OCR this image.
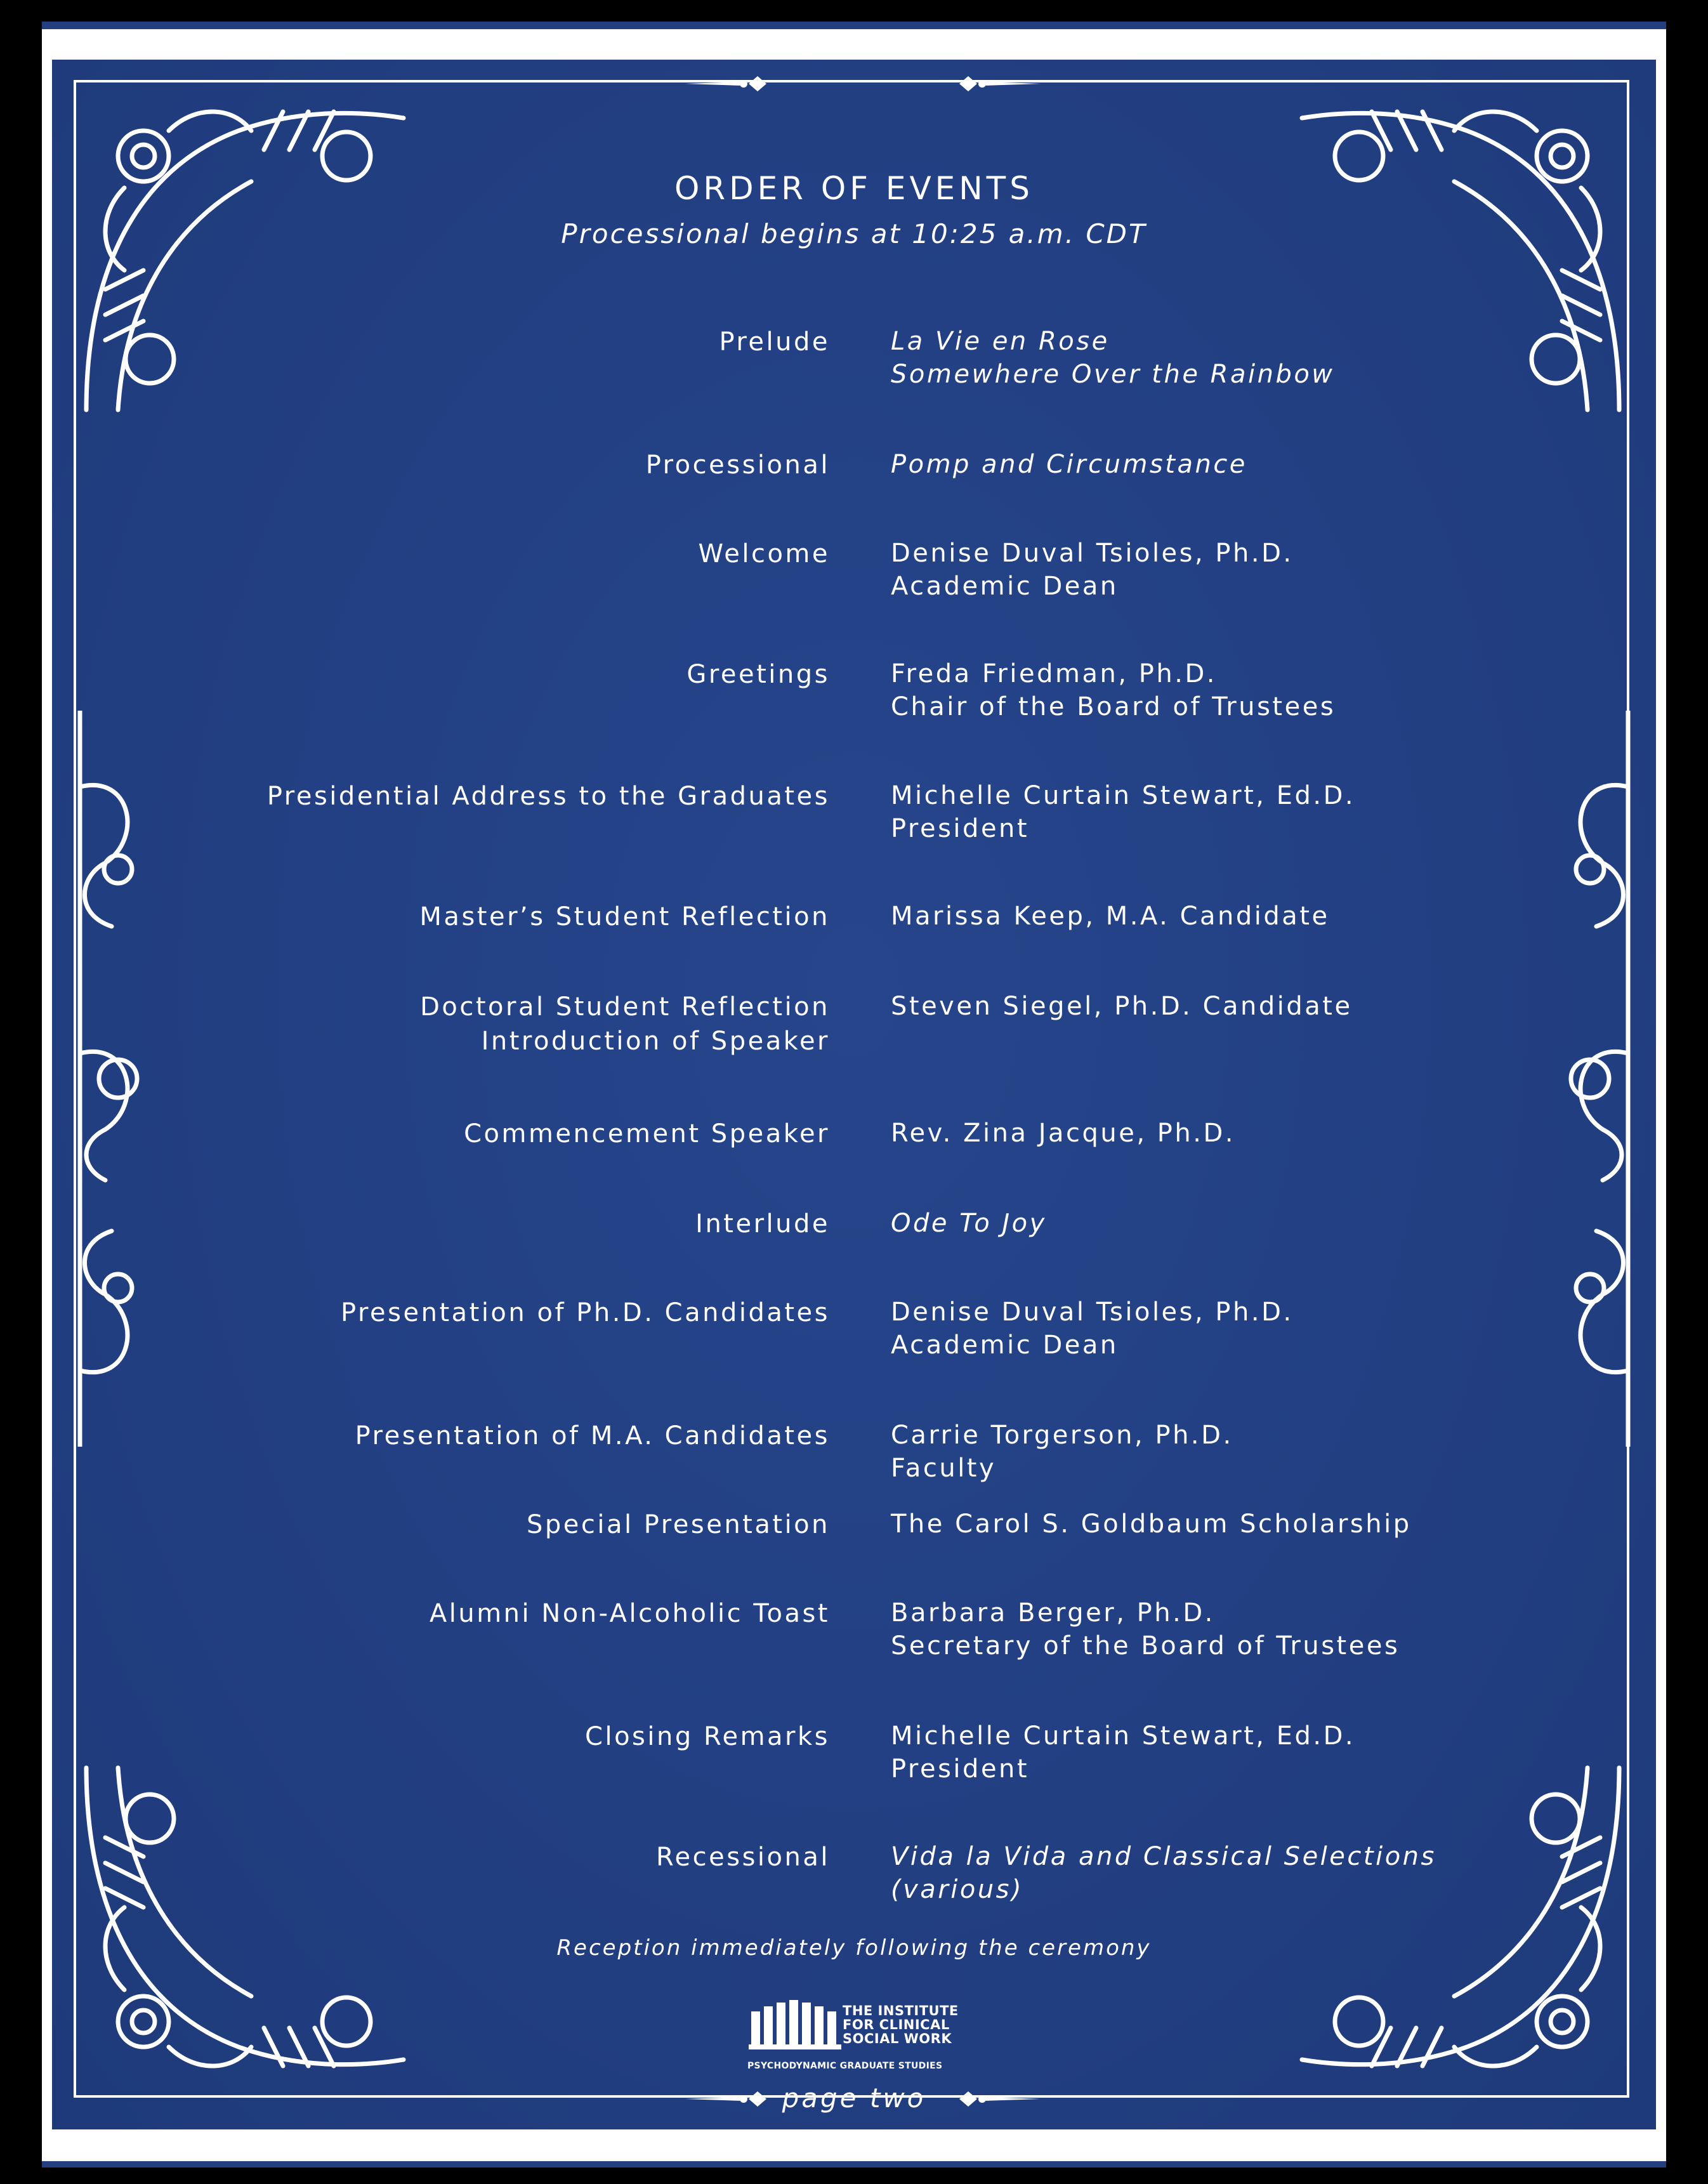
ORDER OF EVENTS
Processional begins at 10:25 a.m. CDT
Prelude La Vie en Rose
Somewhere Over the Rainbow
Processional Pomp and Circumstance
Welcome Denise Duval Tsioles, Ph.D.
Academic Dean
Greetings Freda Friedman, Ph.D.
Chair of the Board of Trustees
Presidential Address to the Graduates Michelle Curtain Stewart, Ed.D.
President
Master’s Student Reflection Marissa Keep, M.A. Candidate
Doctoral Student Reflection
Introduction of Speaker
Steven Siegel, Ph.D. Candidate
Commencement Speaker Rev. Zina Jacque, Ph.D.
Interlude Ode To Joy
Presentation of Ph.D. Candidates Denise Duval Tsioles, Ph.D.
Academic Dean
Presentation of M.A. Candidates Carrie Torgerson, Ph.D.
Faculty
Special Presentation The Carol S. Goldbaum Scholarship
Alumni Non-Alcoholic Toast Barbara Berger, Ph.D.
Secretary of the Board of Trustees
Closing Remarks Michelle Curtain Stewart, Ed.D.
President
Recessional Vida la Vida and Classical Selections
(various)
Reception immediately following the ceremony
THE INSTITUTE
FOR CLINICAL
SOCIAL WORK
PSYCHODYNAMIC GRADUATE STUDIES
page two
